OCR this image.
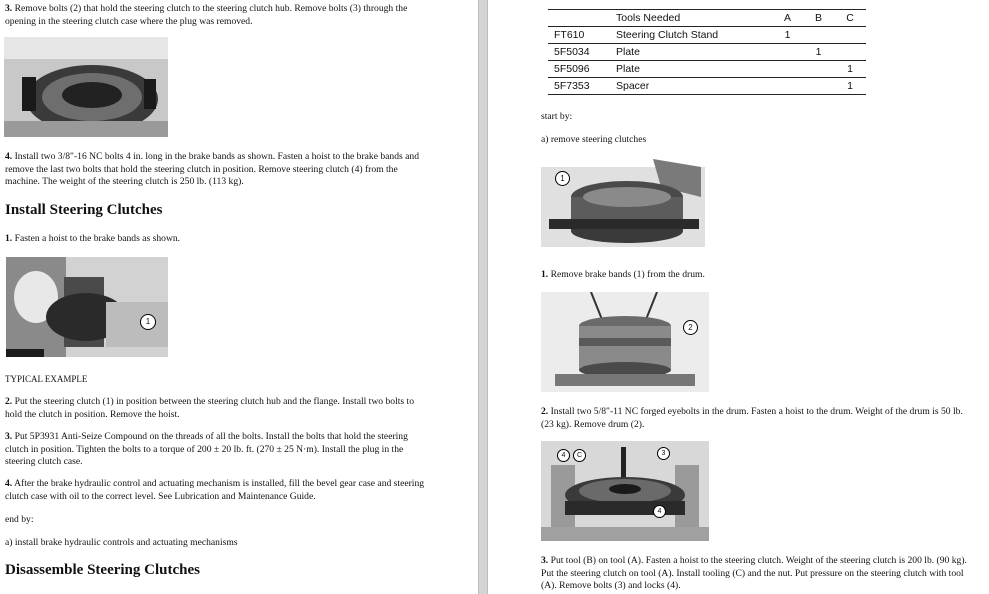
3. Remove bolts (2) that hold the steering clutch to the steering clutch hub. Remove bolts (3) through the opening in the steering clutch case where the plug was removed.

4. Install two 3/8"-16 NC bolts 4 in. long in the brake bands as shown. Fasten a hoist to the brake bands and remove the last two bolts that hold the steering clutch in position. Remove steering clutch (4) from the machine. The weight of the steering clutch is 250 lb. (113 kg).

Install Steering Clutches

1. Fasten a hoist to the brake bands as shown.

1

TYPICAL EXAMPLE

2. Put the steering clutch (1) in position between the steering clutch hub and the flange. Install two bolts to hold the clutch in position. Remove the hoist.

3. Put 5P3931 Anti-Seize Compound on the threads of all the bolts. Install the bolts that hold the steering clutch in position. Tighten the bolts to a torque of 200 ± 20 lb. ft. (270 ± 25 N·m). Install the plug in the steering clutch case.

4. After the brake hydraulic control and actuating mechanism is installed, fill the bevel gear case and steering clutch case with oil to the correct level. See Lubrication and Maintenance Guide.

end by:

a) install brake hydraulic controls and actuating mechanisms

Disassemble Steering Clutches
	Tools Needed	A	B	C
FT610	Steering Clutch Stand	1		
5F5034	Plate		1	
5F5096	Plate			1
5F7353	Spacer			1

start by:

a) remove steering clutches

1

1. Remove brake bands (1) from the drum.

2

2. Install two 5/8"-11 NC forged eyebolts in the drum. Fasten a hoist to the drum. Weight of the drum is 50 lb. (23 kg). Remove drum (2).

4	C	3
4

3. Put tool (B) on tool (A). Fasten a hoist to the steering clutch. Weight of the steering clutch is 200 lb. (90 kg). Put the steering clutch on tool (A). Install tooling (C) and the nut. Put pressure on the steering clutch with tool (A). Remove bolts (3) and locks (4).
